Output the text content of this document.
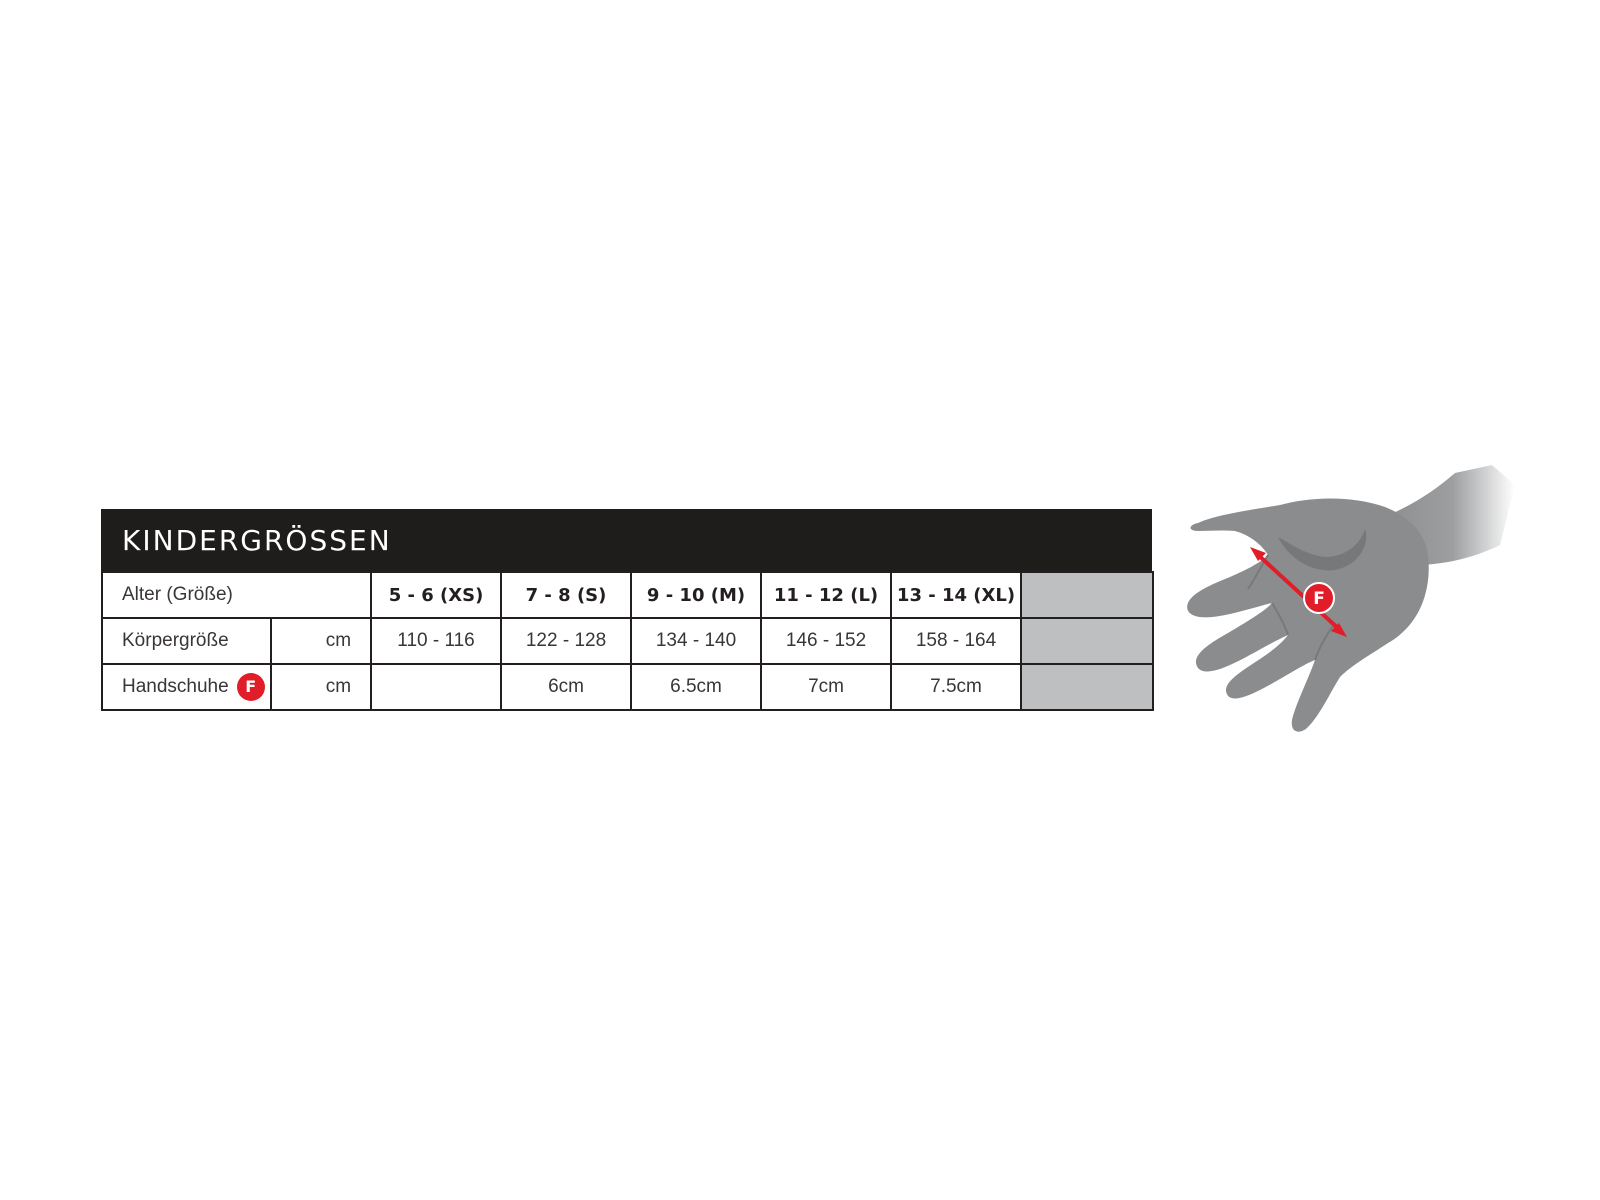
KINDERGRÖSSEN
Alter (Größe)		5 - 6 (XS)	7 - 8 (S)	9 - 10 (M)	11 - 12 (L)	13 - 14 (XL)	
Körpergröße	cm	110 - 116	122 - 128	134 - 140	146 - 152	158 - 164	
Handschuhe F	cm		6cm	6.5cm	7cm	7.5cm	
F
